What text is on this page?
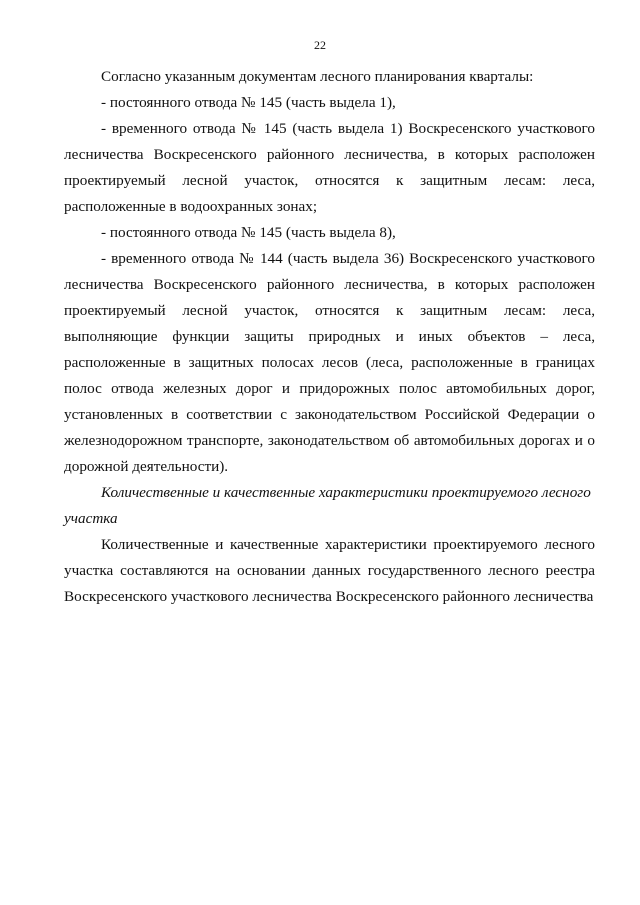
22

Согласно указанным документам лесного планирования кварталы:

- постоянного отвода № 145 (часть выдела 1),

- временного отвода № 145 (часть выдела 1) Воскресенского участкового лесничества Воскресенского районного лесничества, в которых расположен проектируемый лесной участок, относятся к защитным лесам: леса, расположенные в водоохранных зонах;

- постоянного отвода № 145 (часть выдела 8),

- временного отвода № 144 (часть выдела 36) Воскресенского участкового лесничества Воскресенского районного лесничества, в которых расположен проектируемый лесной участок, относятся к защитным лесам: леса, выполняющие функции защиты природных и иных объектов – леса, расположенные в защитных полосах лесов (леса, расположенные в границах полос отвода железных дорог и придорожных полос автомобильных дорог, установленных в соответствии с законодательством Российской Федерации о железнодорожном транспорте, законодательством об автомобильных дорогах и о дорожной деятельности).

Количественные и качественные характеристики проектируемого лесного участка

Количественные и качественные характеристики проектируемого лесного участка составляются на основании данных государственного лесного реестра Воскресенского участкового лесничества Воскресенского районного лесничества
